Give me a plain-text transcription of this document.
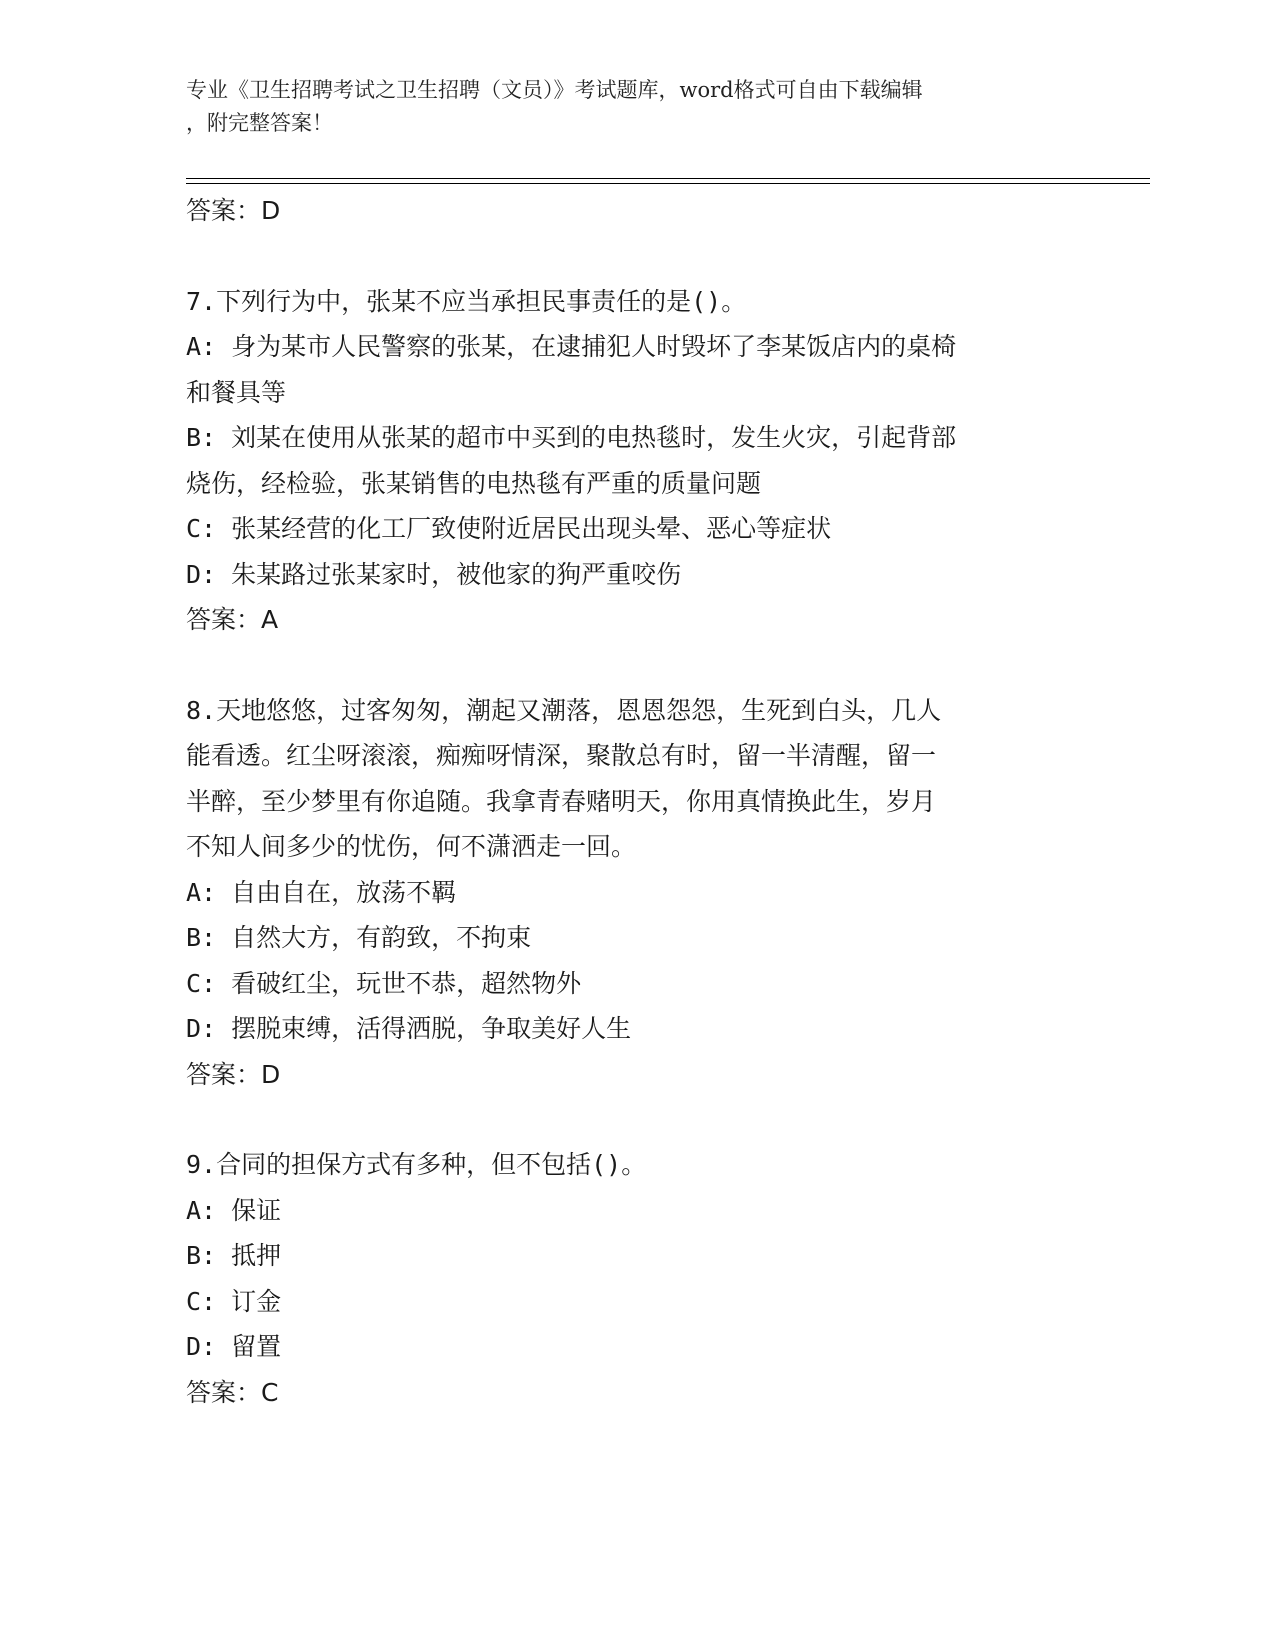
专业《卫生招聘考试之卫生招聘（文员）》考试题库，word格式可自由下载编辑
，附完整答案！
答案：D
7.下列行为中，张某不应当承担民事责任的是()。
A: 身为某市人民警察的张某，在逮捕犯人时毁坏了李某饭店内的桌椅
和餐具等
B: 刘某在使用从张某的超市中买到的电热毯时，发生火灾，引起背部
烧伤，经检验，张某销售的电热毯有严重的质量问题
C: 张某经营的化工厂致使附近居民出现头晕、恶心等症状
D: 朱某路过张某家时，被他家的狗严重咬伤
答案：A
8.天地悠悠，过客匆匆，潮起又潮落，恩恩怨怨，生死到白头，几人
能看透。红尘呀滚滚，痴痴呀情深，聚散总有时，留一半清醒，留一
半醉，至少梦里有你追随。我拿青春赌明天，你用真情换此生，岁月
不知人间多少的忧伤，何不潇洒走一回。
A: 自由自在，放荡不羁
B: 自然大方，有韵致，不拘束
C: 看破红尘，玩世不恭，超然物外
D: 摆脱束缚，活得洒脱，争取美好人生
答案：D
9.合同的担保方式有多种，但不包括()。
A: 保证
B: 抵押
C: 订金
D: 留置
答案：C
